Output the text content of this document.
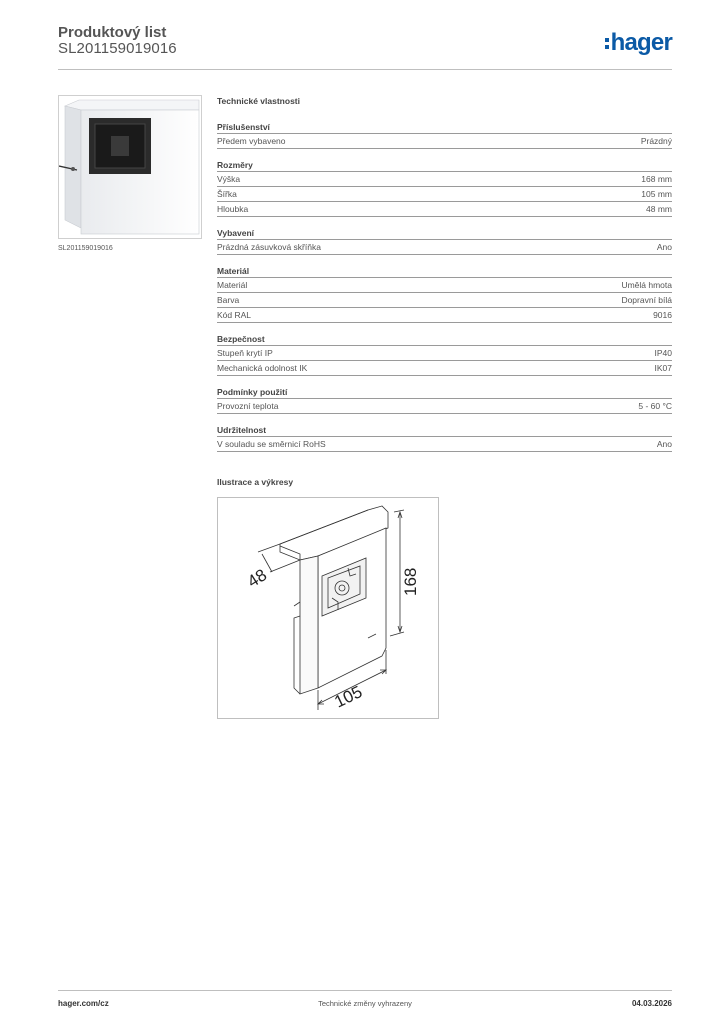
Produktový list
SL201159019016	hager
SL201159019016
Technické vlastnosti
Příslušenství
Předem vybaveno	Prázdný
Rozměry
Výška	168 mm
Šířka	105 mm
Hloubka	48 mm
Vybavení
Prázdná zásuvková skříňka	Ano
Materiál
Materiál	Umělá hmota
Barva	Dopravní bílá
Kód RAL	9016
Bezpečnost
Stupeň krytí IP	IP40
Mechanická odolnost IK	IK07
Podmínky použití
Provozní teplota	5 - 60 °C
Udržitelnost
V souladu se směrnicí RoHS	Ano
Ilustrace a výkresy
48	168
105
hager.com/cz	Technické změny vyhrazeny	04.03.2026
